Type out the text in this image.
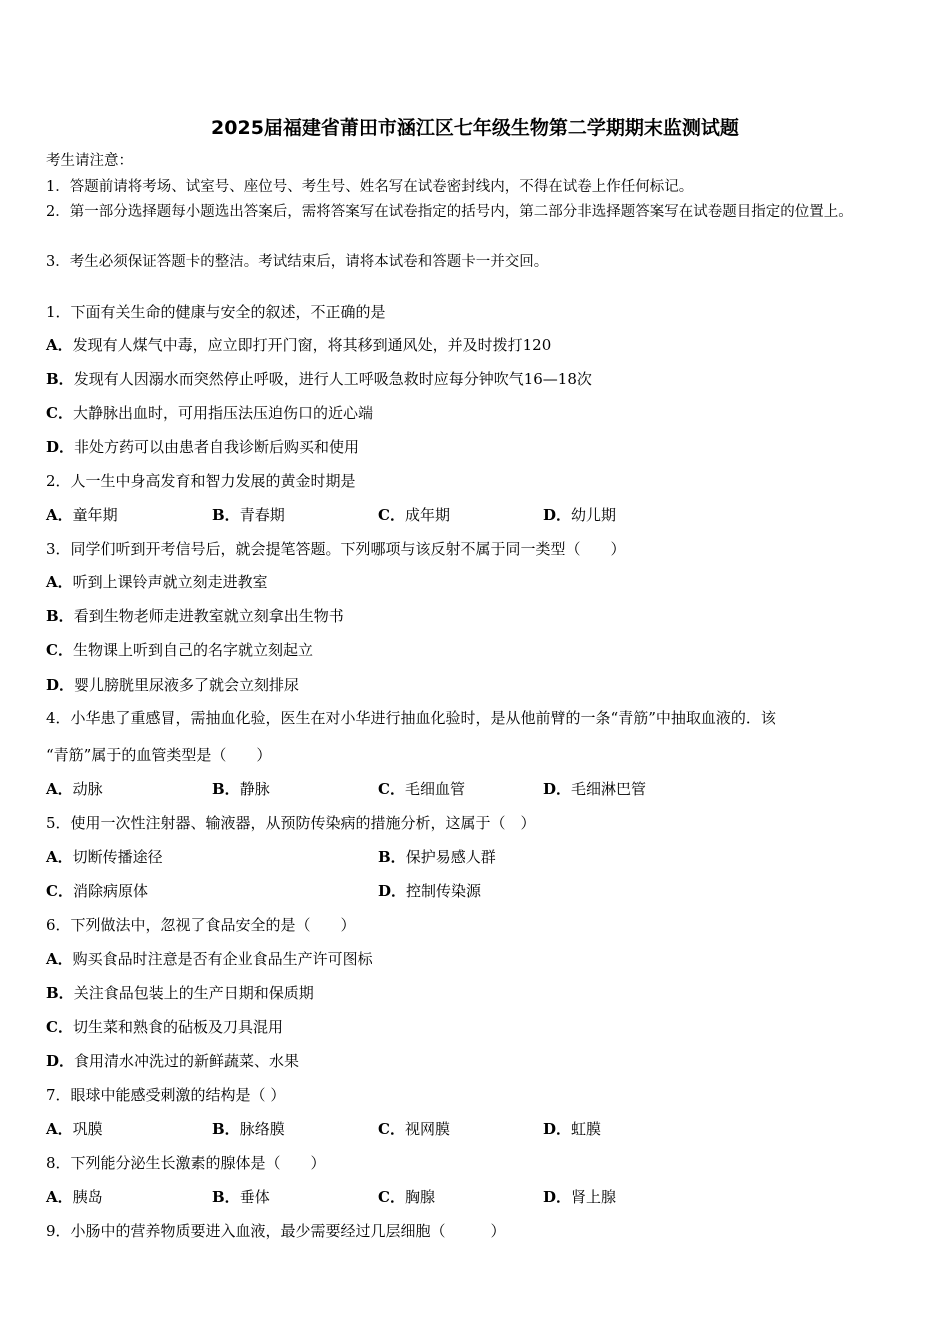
2025届福建省莆田市涵江区七年级生物第二学期期末监测试题
考生请注意：
1．答题前请将考场、试室号、座位号、考生号、姓名写在试卷密封线内，不得在试卷上作任何标记。
2．第一部分选择题每小题选出答案后，需将答案写在试卷指定的括号内，第二部分非选择题答案写在试卷题目指定的位置上。
3．考生必须保证答题卡的整洁。考试结束后，请将本试卷和答题卡一并交回。
1．下面有关生命的健康与安全的叙述，不正确的是
A．发现有人煤气中毒，应立即打开门窗，将其移到通风处，并及时拨打120
B．发现有人因溺水而突然停止呼吸，进行人工呼吸急救时应每分钟吹气16—18次
C．大静脉出血时，可用指压法压迫伤口的近心端
D．非处方药可以由患者自我诊断后购买和使用
2．人一生中身高发育和智力发展的黄金时期是
A．童年期	B．青春期	C．成年期	D．幼儿期
3．同学们听到开考信号后，就会提笔答题。下列哪项与该反射不属于同一类型（　　）
A．听到上课铃声就立刻走进教室
B．看到生物老师走进教室就立刻拿出生物书
C．生物课上听到自己的名字就立刻起立
D．婴儿膀胱里尿液多了就会立刻排尿
4．小华患了重感冒，需抽血化验，医生在对小华进行抽血化验时，是从他前臂的一条“青筋”中抽取血液的．该
“青筋”属于的血管类型是（　　）
A．动脉	B．静脉	C．毛细血管	D．毛细淋巴管
5．使用一次性注射器、输液器，从预防传染病的措施分析，这属于（　）
A．切断传播途径	B．保护易感人群
C．消除病原体	D．控制传染源
6．下列做法中，忽视了食品安全的是（　　）
A．购买食品时注意是否有企业食品生产许可图标
B．关注食品包装上的生产日期和保质期
C．切生菜和熟食的砧板及刀具混用
D．食用清水冲洗过的新鲜蔬菜、水果
7．眼球中能感受刺激的结构是（ ）
A．巩膜	B．脉络膜	C．视网膜	D．虹膜
8．下列能分泌生长激素的腺体是（　　）
A．胰岛	B．垂体	C．胸腺	D．肾上腺
9．小肠中的营养物质要进入血液，最少需要经过几层细胞（　　　）
